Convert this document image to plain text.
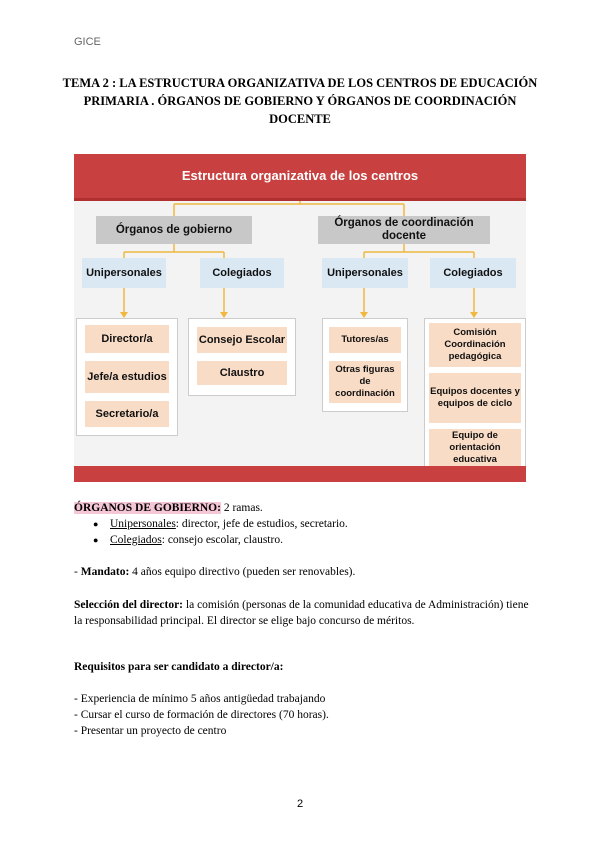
GICE
TEMA 2 : LA ESTRUCTURA ORGANIZATIVA DE LOS CENTROS DE EDUCACIÓN PRIMARIA . ÓRGANOS DE GOBIERNO Y ÓRGANOS DE COORDINACIÓN DOCENTE
Estructura organizativa de los centros
Órganos de gobierno
Órganos de coordinación docente
Unipersonales	Colegiados	Unipersonales	Colegiados
Director/a
Jefe/a estudios
Secretario/a
Consejo Escolar
Claustro
Tutores/as
Otras figuras de coordinación
Comisión Coordinación pedagógica
Equipos docentes y equipos de ciclo
Equipo de orientación educativa
ÓRGANOS DE GOBIERNO: 2 ramas.
● Unipersonales: director, jefe de estudios, secretario.
● Colegiados: consejo escolar, claustro.
- Mandato: 4 años equipo directivo (pueden ser renovables).
Selección del director: la comisión (personas de la comunidad educativa de Administración) tiene la responsabilidad principal. El director se elige bajo concurso de méritos.
Requisitos para ser candidato a director/a:
- Experiencia de mínimo 5 años antigüedad trabajando
- Cursar el curso de formación de directores (70 horas).
- Presentar un proyecto de centro
2
